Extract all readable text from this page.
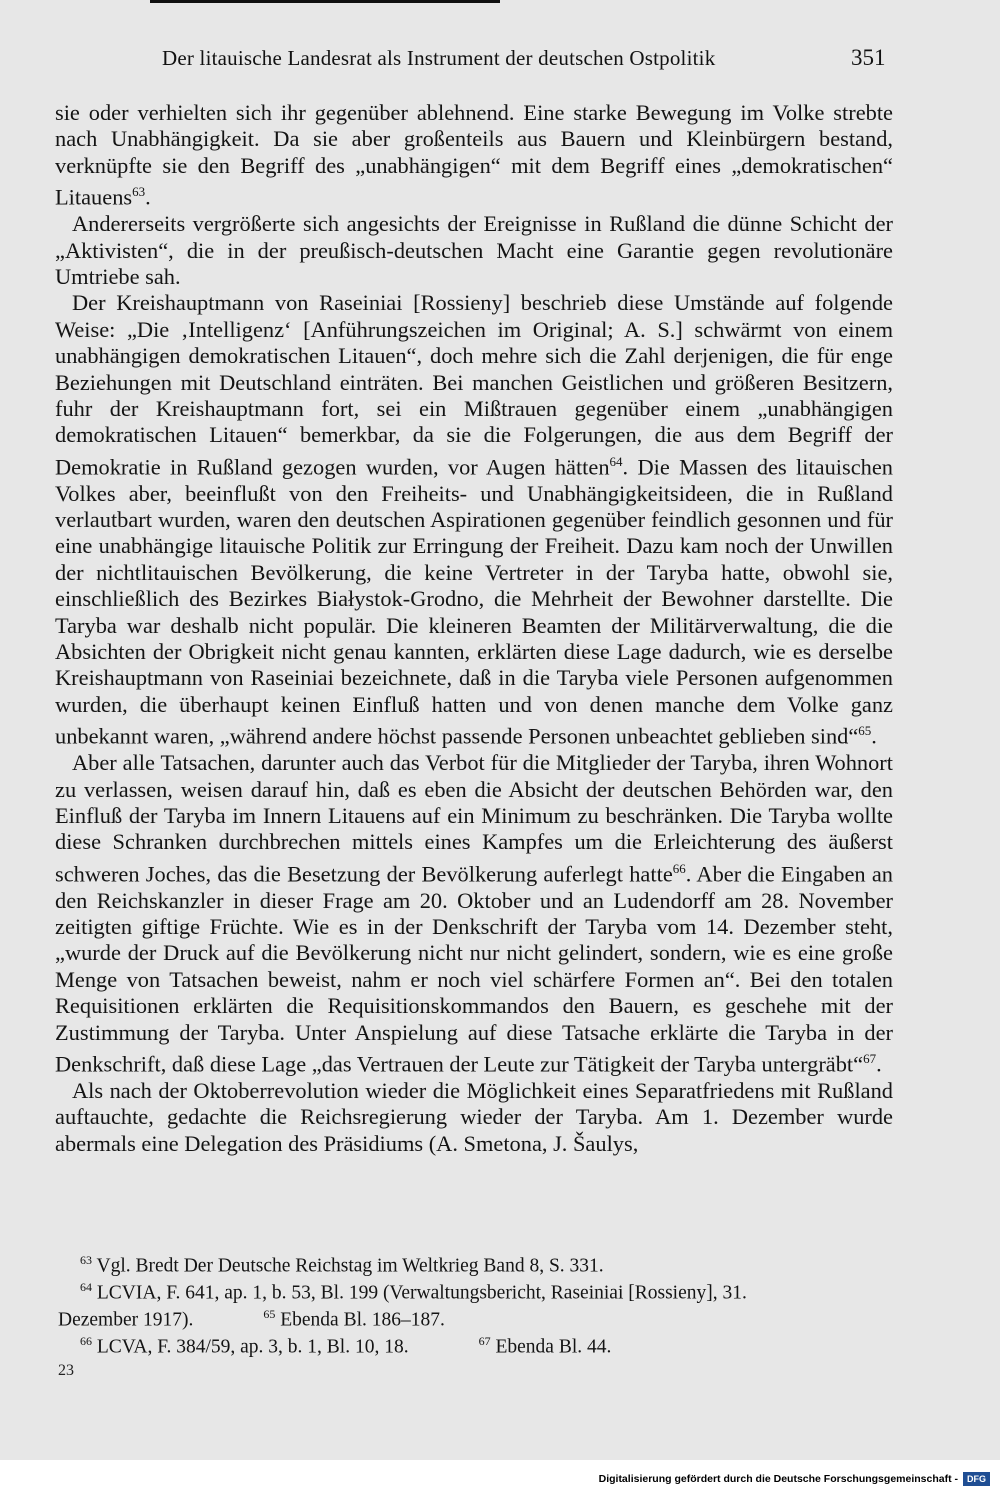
Der litauische Landesrat als Instrument der deutschen Ostpolitik	351

sie oder verhielten sich ihr gegenüber ablehnend. Eine starke Bewegung im Volke strebte nach Unabhängigkeit. Da sie aber großenteils aus Bauern und Kleinbürgern bestand, verknüpfte sie den Begriff des „unabhängigen“ mit dem Begriff eines „demokratischen“ Litauens$^{63}$.

Andererseits vergrößerte sich angesichts der Ereignisse in Rußland die dünne Schicht der „Aktivisten“, die in der preußisch-deutschen Macht eine Garantie gegen revolutionäre Umtriebe sah.

Der Kreishauptmann von Raseiniai [Rossieny] beschrieb diese Umstände auf folgende Weise: „Die ‚Intelligenz‘ [Anführungszeichen im Original; A. S.] schwärmt von einem unabhängigen demokratischen Litauen“, doch mehre sich die Zahl derjenigen, die für enge Beziehungen mit Deutschland einträten. Bei manchen Geistlichen und größeren Besitzern, fuhr der Kreishauptmann fort, sei ein Mißtrauen gegenüber einem „unabhängigen demokratischen Litauen“ bemerkbar, da sie die Folgerungen, die aus dem Begriff der Demokratie in Rußland gezogen wurden, vor Augen hätten$^{64}$. Die Massen des litauischen Volkes aber, beeinflußt von den Freiheits- und Unabhängigkeitsideen, die in Rußland verlautbart wurden, waren den deutschen Aspirationen gegenüber feindlich gesonnen und für eine unabhängige litauische Politik zur Erringung der Freiheit. Dazu kam noch der Unwillen der nichtlitauischen Bevölkerung, die keine Vertreter in der Taryba hatte, obwohl sie, einschließlich des Bezirkes Białystok-Grodno, die Mehrheit der Bewohner darstellte. Die Taryba war deshalb nicht populär. Die kleineren Beamten der Militärverwaltung, die die Absichten der Obrigkeit nicht genau kannten, erklärten diese Lage dadurch, wie es derselbe Kreishauptmann von Raseiniai bezeichnete, daß in die Taryba viele Personen aufgenommen wurden, die überhaupt keinen Einfluß hatten und von denen manche dem Volke ganz unbekannt waren, „während andere höchst passende Personen unbeachtet geblieben sind“$^{65}$.

Aber alle Tatsachen, darunter auch das Verbot für die Mitglieder der Taryba, ihren Wohnort zu verlassen, weisen darauf hin, daß es eben die Absicht der deutschen Behörden war, den Einfluß der Taryba im Innern Litauens auf ein Minimum zu beschränken. Die Taryba wollte diese Schranken durchbrechen mittels eines Kampfes um die Erleichterung des äußerst schweren Joches, das die Besetzung der Bevölkerung auferlegt hatte$^{66}$. Aber die Eingaben an den Reichskanzler in dieser Frage am 20. Oktober und an Ludendorff am 28. November zeitigten giftige Früchte. Wie es in der Denkschrift der Taryba vom 14. Dezember steht, „wurde der Druck auf die Bevölkerung nicht nur nicht gelindert, sondern, wie es eine große Menge von Tatsachen beweist, nahm er noch viel schärfere Formen an“. Bei den totalen Requisitionen erklärten die Requisitionskommandos den Bauern, es geschehe mit der Zustimmung der Taryba. Unter Anspielung auf diese Tatsache erklärte die Taryba in der Denkschrift, daß diese Lage „das Vertrauen der Leute zur Tätigkeit der Taryba untergräbt“$^{67}$.

Als nach der Oktoberrevolution wieder die Möglichkeit eines Separatfriedens mit Rußland auftauchte, gedachte die Reichsregierung wieder der Taryba. Am 1. Dezember wurde abermals eine Delegation des Präsidiums (A. Smetona, J. Šaulys,

$^{63}$ Vgl. Bredt Der Deutsche Reichstag im Weltkrieg Band 8, S. 331.
$^{64}$ LCVIA, F. 641, ap. 1, b. 53, Bl. 199 (Verwaltungsbericht, Raseiniai [Rossieny], 31.
Dezember 1917).	$^{65}$ Ebenda Bl. 186–187.
$^{66}$ LCVA, F. 384/59, ap. 3, b. 1, Bl. 10, 18.	$^{67}$ Ebenda Bl. 44.
23
Digitalisierung gefördert durch die Deutsche Forschungsgemeinschaft -	DFG
